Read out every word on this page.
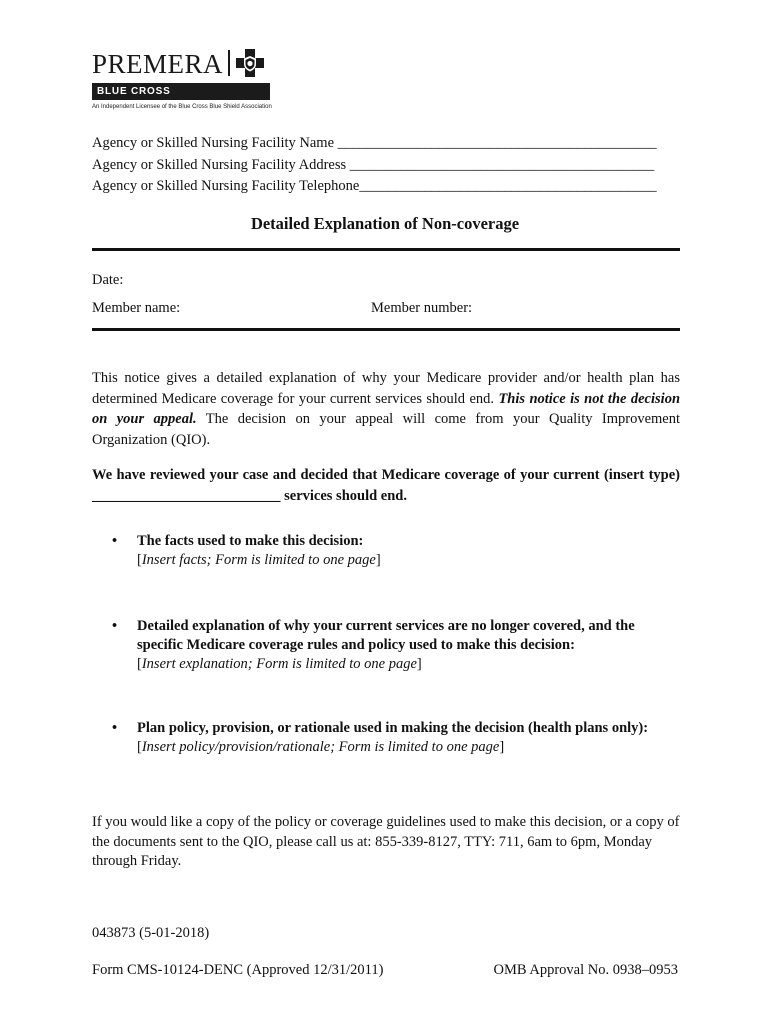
PREMERA
BLUE CROSS
An Independent Licensee of the Blue Cross Blue Shield Association
Agency or Skilled Nursing Facility Name ____________________________________________
Agency or Skilled Nursing Facility Address __________________________________________
Agency or Skilled Nursing Facility Telephone_________________________________________
Detailed Explanation of Non-coverage
Date:
Member name:	Member number:
This notice gives a detailed explanation of why your Medicare provider and/or health plan has determined Medicare coverage for your current services should end. This notice is not the decision on your appeal. The decision on your appeal will come from your Quality Improvement Organization (QIO).
We have reviewed your case and decided that Medicare coverage of your current (insert type) __________________________ services should end.
• The facts used to make this decision:
[Insert facts; Form is limited to one page]
• Detailed explanation of why your current services are no longer covered, and the specific Medicare coverage rules and policy used to make this decision:
[Insert explanation; Form is limited to one page]
• Plan policy, provision, or rationale used in making the decision (health plans only):
[Insert policy/provision/rationale; Form is limited to one page]
If you would like a copy of the policy or coverage guidelines used to make this decision, or a copy of the documents sent to the QIO, please call us at: 855-339-8127, TTY: 711, 6am to 6pm, Monday through Friday.
043873 (5-01-2018)
Form CMS-10124-DENC (Approved 12/31/2011)	OMB Approval No. 0938–0953
